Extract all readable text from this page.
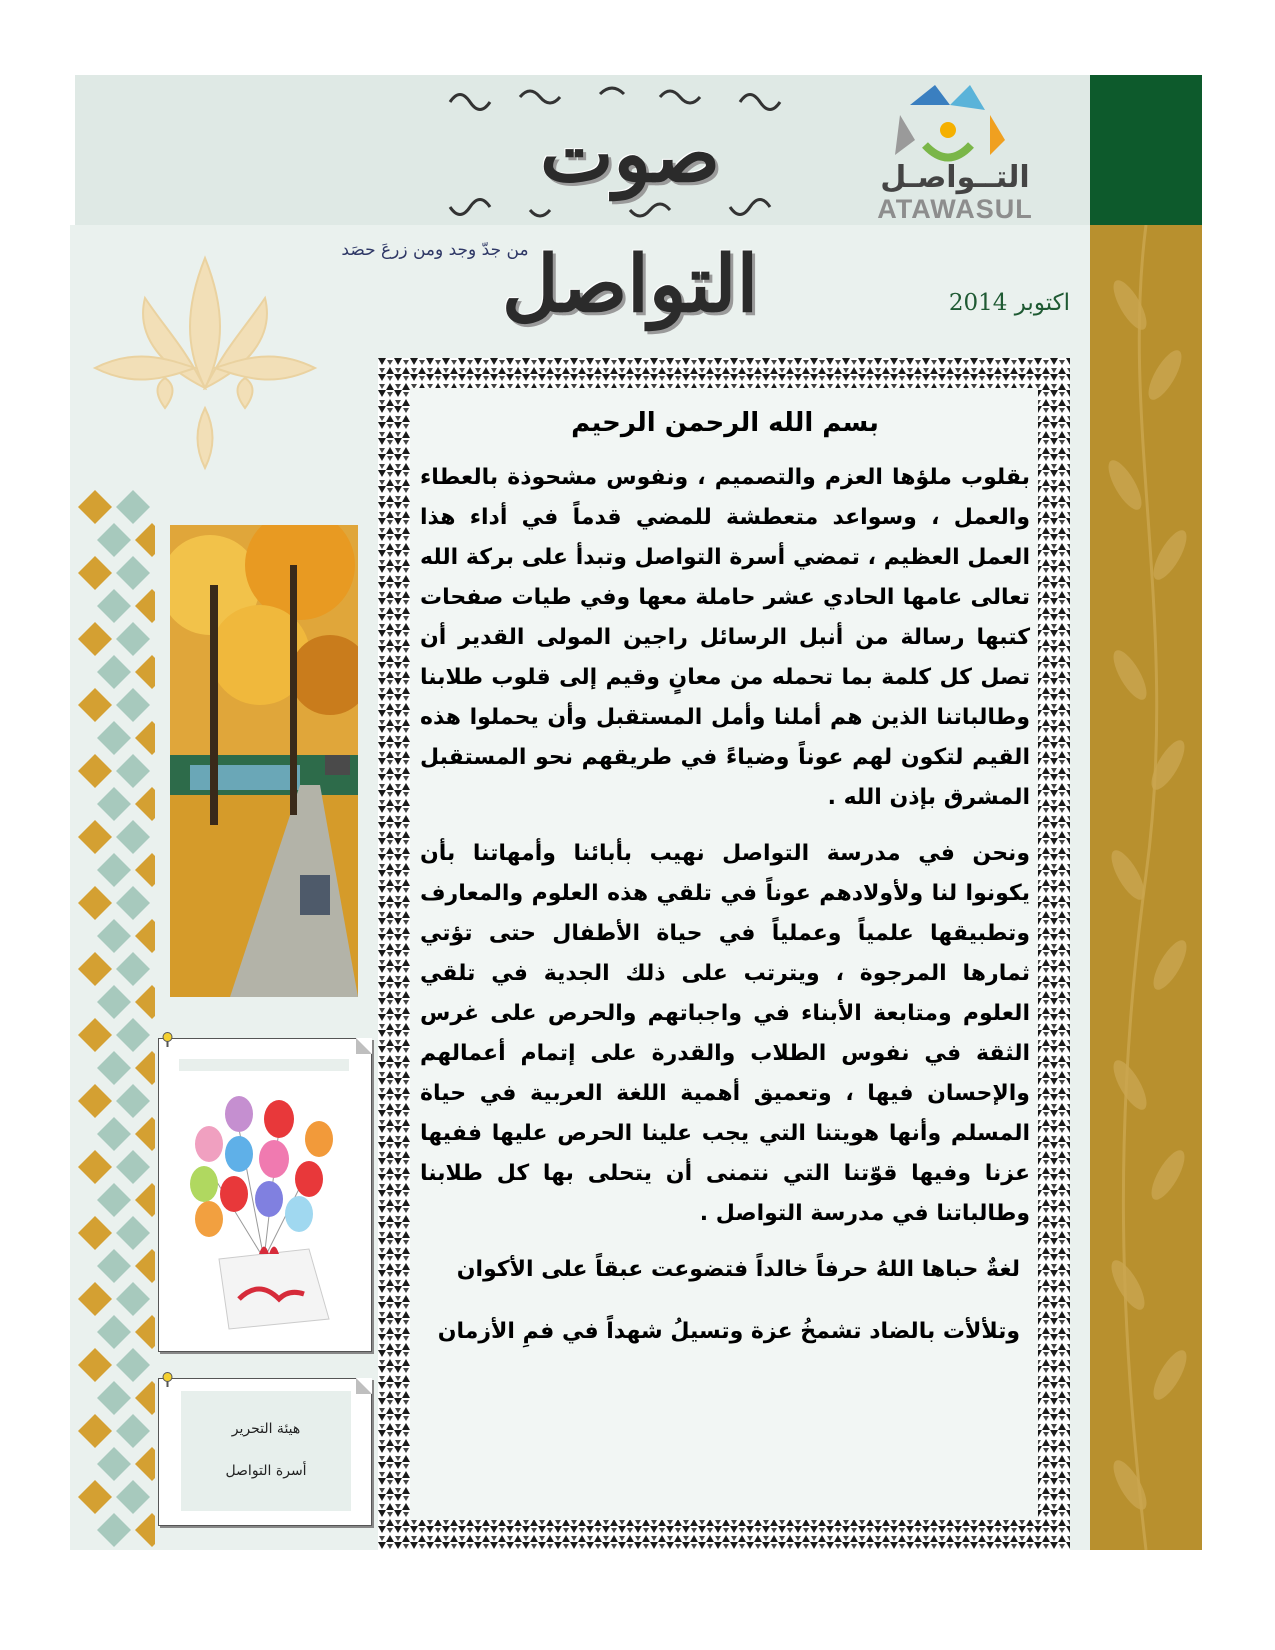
صوت التواصل
التــواصـل
ATAWASUL
من جدّ وجد ومن زرعَ حصَد
اكتوبر 2014
هيئة التحرير
أسرة التواصل
بسم الله الرحمن الرحيم

بقلوب ملؤها العزم والتصميم ، ونفوس مشحوذة بالعطاء والعمل ، وسواعد متعطشة للمضي قدماً في أداء هذا العمل العظيم ، تمضي أسرة التواصل وتبدأ على بركة الله تعالى عامها الحادي عشر حاملة معها وفي طيات صفحات كتبها رسالة من أنبل الرسائل راجين المولى القدير أن تصل كل كلمة بما تحمله من معانٍ وقيم إلى قلوب طلابنا وطالباتنا الذين هم أملنا وأمل المستقبل وأن يحملوا هذه القيم لتكون لهم عوناً وضياءً في طريقهم نحو المستقبل المشرق بإذن الله .

ونحن في مدرسة التواصل نهيب بأبائنا وأمهاتنا بأن يكونوا لنا ولأولادهم عوناً في تلقي هذه العلوم والمعارف وتطبيقها علمياً وعملياً في حياة الأطفال حتى تؤتي ثمارها المرجوة ، ويترتب على ذلك الجدية في تلقي العلوم ومتابعة الأبناء في واجباتهم والحرص على غرس الثقة في نفوس الطلاب والقدرة على إتمام أعمالهم والإحسان فيها ، وتعميق أهمية اللغة العربية في حياة المسلم وأنها هويتنا التي يجب علينا الحرص عليها ففيها عزنا وفيها قوّتنا التي نتمنى أن يتحلى بها كل طلابنا وطالباتنا في مدرسة التواصل .

لغةٌ حباها اللهُ حرفاً خالداً فتضوعت عبقاً على الأكوان
وتلألأت بالضاد تشمخُ عزة وتسيلُ شهداً في فمِ الأزمان
